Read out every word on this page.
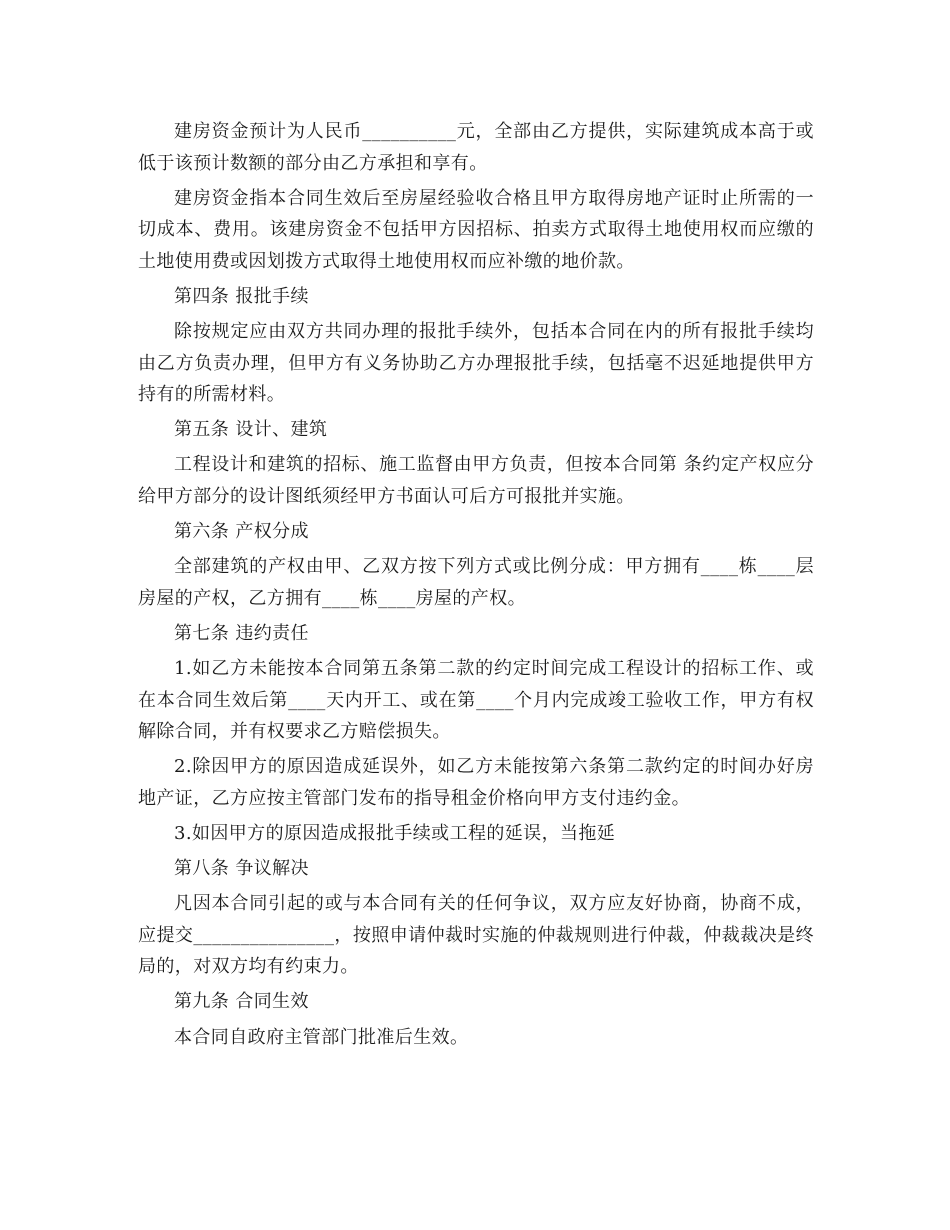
建房资金预计为人民币__________元，全部由乙方提供，实际建筑成本高于或低于该预计数额的部分由乙方承担和享有。

建房资金指本合同生效后至房屋经验收合格且甲方取得房地产证时止所需的一切成本、费用。该建房资金不包括甲方因招标、拍卖方式取得土地使用权而应缴的土地使用费或因划拨方式取得土地使用权而应补缴的地价款。

第四条 报批手续

除按规定应由双方共同办理的报批手续外，包括本合同在内的所有报批手续均由乙方负责办理，但甲方有义务协助乙方办理报批手续，包括毫不迟延地提供甲方持有的所需材料。

第五条 设计、建筑

工程设计和建筑的招标、施工监督由甲方负责，但按本合同第 条约定产权应分给甲方部分的设计图纸须经甲方书面认可后方可报批并实施。

第六条 产权分成

全部建筑的产权由甲、乙双方按下列方式或比例分成：甲方拥有____栋____层房屋的产权，乙方拥有____栋____房屋的产权。

第七条 违约责任

1.如乙方未能按本合同第五条第二款的约定时间完成工程设计的招标工作、或在本合同生效后第____天内开工、或在第____个月内完成竣工验收工作，甲方有权解除合同，并有权要求乙方赔偿损失。

2.除因甲方的原因造成延误外，如乙方未能按第六条第二款约定的时间办好房地产证，乙方应按主管部门发布的指导租金价格向甲方支付违约金。

3.如因甲方的原因造成报批手续或工程的延误，当拖延

第八条 争议解决

凡因本合同引起的或与本合同有关的任何争议，双方应友好协商，协商不成，应提交_______________，按照申请仲裁时实施的仲裁规则进行仲裁，仲裁裁决是终局的，对双方均有约束力。

第九条 合同生效

本合同自政府主管部门批准后生效。
